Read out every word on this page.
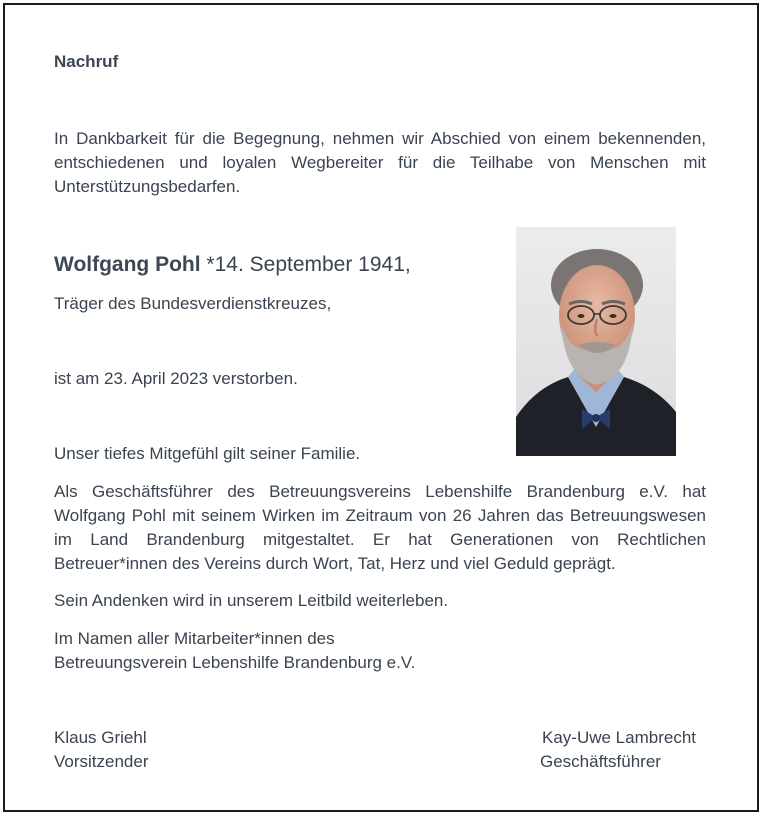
Nachruf
In Dankbarkeit für die Begegnung, nehmen wir Abschied von einem bekennenden, entschiedenen und loyalen Wegbereiter für die Teilhabe von Menschen mit Unterstützungsbedarfen.
Wolfgang Pohl *14. September 1941,
Träger des Bundesverdienstkreuzes,
ist am 23. April 2023 verstorben.
Unser tiefes Mitgefühl gilt seiner Familie.
Als Geschäftsführer des Betreuungsvereins Lebenshilfe Brandenburg e.V. hat Wolfgang Pohl mit seinem Wirken im Zeitraum von 26 Jahren das Betreuungswesen im Land Brandenburg mitgestaltet. Er hat Generationen von Rechtlichen Betreuer*innen des Vereins durch Wort, Tat, Herz und viel Geduld geprägt.
Sein Andenken wird in unserem Leitbild weiterleben.
Im Namen aller Mitarbeiter*innen des
Betreuungsverein Lebenshilfe Brandenburg e.V.
Klaus Griehl
Vorsitzender
Kay-Uwe Lambrecht
Geschäftsführer
